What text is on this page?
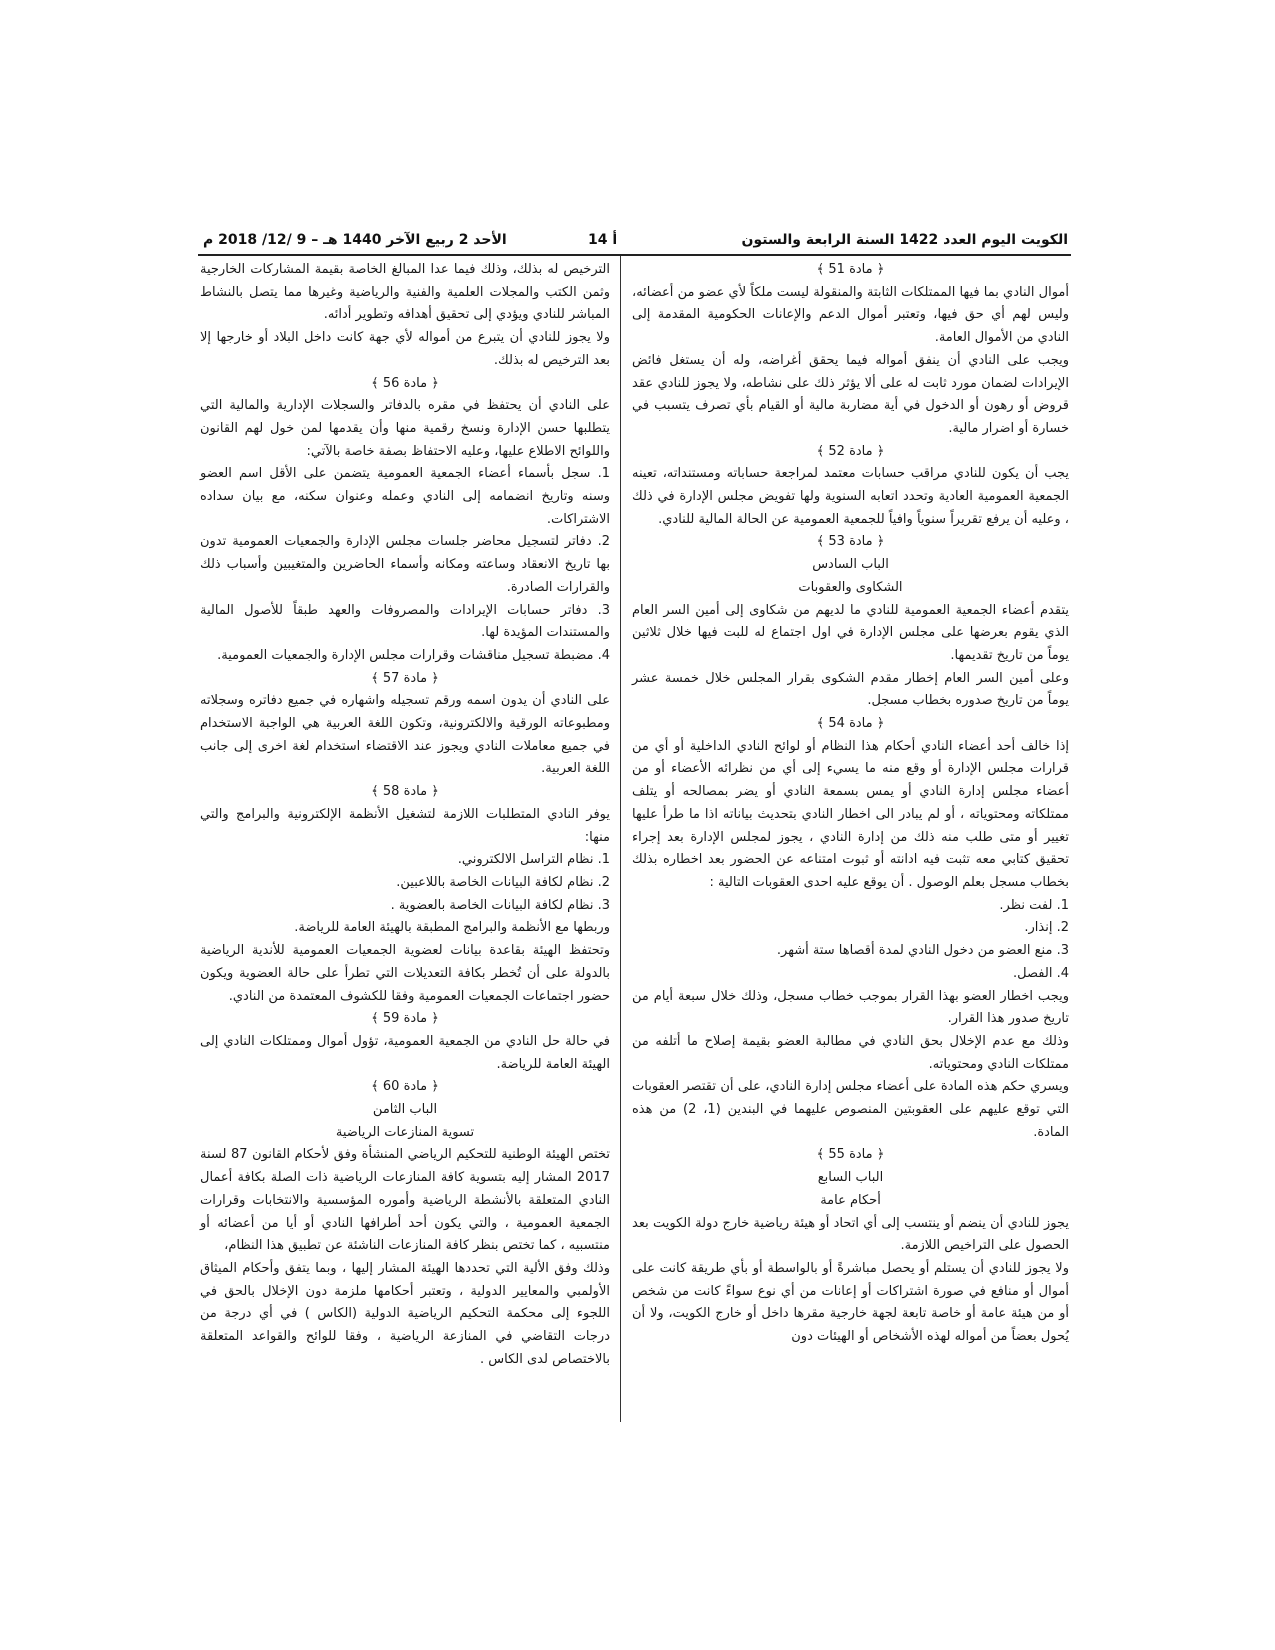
الكويت اليوم العدد 1422 السنة الرابعة والستون
أ 14
الأحد 2 ربيع الآخر 1440 هـ – 9 /12/ 2018 م

﴿ مادة 51 ﴾

أموال النادي بما فيها الممتلكات الثابتة والمنقولة ليست ملكاً لأي عضو من أعضائه، وليس لهم أي حق فيها، وتعتبر أموال الدعم والإعانات الحكومية المقدمة إلى النادي من الأموال العامة.

ويجب على النادي أن ينفق أمواله فيما يحقق أغراضه، وله أن يستغل فائض الإيرادات لضمان مورد ثابت له على ألا يؤثر ذلك على نشاطه، ولا يجوز للنادي عقد قروض أو رهون أو الدخول في أية مضاربة مالية أو القيام بأي تصرف يتسبب في خسارة أو اضرار مالية.

﴿ مادة 52 ﴾

يجب أن يكون للنادي مراقب حسابات معتمد لمراجعة حساباته ومستنداته، تعينه الجمعية العمومية العادية وتحدد اتعابه السنوية ولها تفويض مجلس الإدارة في ذلك ، وعليه أن يرفع تقريراً سنوياً وافياً للجمعية العمومية عن الحالة المالية للنادي.

﴿ مادة 53 ﴾

الباب السادس

الشكاوى والعقوبات

يتقدم أعضاء الجمعية العمومية للنادي ما لديهم من شكاوى إلى أمين السر العام الذي يقوم بعرضها على مجلس الإدارة في اول اجتماع له للبت فيها خلال ثلاثين يوماً من تاريخ تقديمها.

وعلى أمين السر العام إخطار مقدم الشكوى بقرار المجلس خلال خمسة عشر يوماً من تاريخ صدوره بخطاب مسجل.

﴿ مادة 54 ﴾

إذا خالف أحد أعضاء النادي أحكام هذا النظام أو لوائح النادي الداخلية أو أي من قرارات مجلس الإدارة أو وقع منه ما يسيء إلى أي من نظرائه الأعضاء أو من أعضاء مجلس إدارة النادي أو يمس بسمعة النادي أو يضر بمصالحه أو يتلف ممتلكاته ومحتوياته ، أو لم يبادر الى اخطار النادي بتحديث بياناته اذا ما طرأ عليها تغيير أو متى طلب منه ذلك من إدارة النادي ، يجوز لمجلس الإدارة بعد إجراء تحقيق كتابي معه تثبت فيه ادانته أو ثبوت امتناعه عن الحضور بعد اخطاره بذلك بخطاب مسجل بعلم الوصول . أن يوقع عليه احدى العقوبات التالية :

1. لفت نظر.

2. إنذار.

3. منع العضو من دخول النادي لمدة أقصاها ستة أشهر.

4. الفصل.

ويجب اخطار العضو بهذا القرار بموجب خطاب مسجل، وذلك خلال سبعة أيام من تاريخ صدور هذا القرار.

وذلك مع عدم الإخلال بحق النادي في مطالبة العضو بقيمة إصلاح ما أتلفه من ممتلكات النادي ومحتوياته.

ويسري حكم هذه المادة على أعضاء مجلس إدارة النادي، على أن تقتصر العقوبات التي توقع عليهم على العقوبتين المنصوص عليهما في البندين (1، 2) من هذه المادة.

﴿ مادة 55 ﴾

الباب السابع

أحكام عامة

يجوز للنادي أن ينضم أو ينتسب إلى أي اتحاد أو هيئة رياضية خارج دولة الكويت بعد الحصول على التراخيص اللازمة.

ولا يجوز للنادي أن يستلم أو يحصل مباشرةً أو بالواسطة أو بأي طريقة كانت على أموال أو منافع في صورة اشتراكات أو إعانات من أي نوع سواءً كانت من شخص أو من هيئة عامة أو خاصة تابعة لجهة خارجية مقرها داخل أو خارج الكويت، ولا أن يُحول بعضاً من أمواله لهذه الأشخاص أو الهيئات دون

الترخيص له بذلك، وذلك فيما عدا المبالغ الخاصة بقيمة المشاركات الخارجية وثمن الكتب والمجلات العلمية والفنية والرياضية وغيرها مما يتصل بالنشاط المباشر للنادي ويؤدي إلى تحقيق أهدافه وتطوير أدائه.

ولا يجوز للنادي أن يتبرع من أمواله لأي جهة كانت داخل البلاد أو خارجها إلا بعد الترخيص له بذلك.

﴿ مادة 56 ﴾

على النادي أن يحتفظ في مقره بالدفاتر والسجلات الإدارية والمالية التي يتطلبها حسن الإدارة ونسخ رقمية منها وأن يقدمها لمن خول لهم القانون واللوائح الاطلاع عليها، وعليه الاحتفاظ بصفة خاصة بالآتي:

1. سجل بأسماء أعضاء الجمعية العمومية يتضمن على الأقل اسم العضو وسنه وتاريخ انضمامه إلى النادي وعمله وعنوان سكنه، مع بيان سداده الاشتراكات.

2. دفاتر لتسجيل محاضر جلسات مجلس الإدارة والجمعيات العمومية تدون بها تاريخ الانعقاد وساعته ومكانه وأسماء الحاضرين والمتغيبين وأسباب ذلك والقرارات الصادرة.

3. دفاتر حسابات الإيرادات والمصروفات والعهد طبقاً للأصول المالية والمستندات المؤيدة لها.

4. مضبطة تسجيل مناقشات وقرارات مجلس الإدارة والجمعيات العمومية.

﴿ مادة 57 ﴾

على النادي أن يدون اسمه ورقم تسجيله واشهاره في جميع دفاتره وسجلاته ومطبوعاته الورقية والالكترونية، وتكون اللغة العربية هي الواجبة الاستخدام في جميع معاملات النادي ويجوز عند الاقتضاء استخدام لغة اخرى إلى جانب اللغة العربية.

﴿ مادة 58 ﴾

يوفر النادي المتطلبات اللازمة لتشغيل الأنظمة الإلكترونية والبرامج والتي منها:

1. نظام التراسل الالكتروني.

2. نظام لكافة البيانات الخاصة باللاعبين.

3. نظام لكافة البيانات الخاصة بالعضوية .

وربطها مع الأنظمة والبرامج المطبقة بالهيئة العامة للرياضة.

وتحتفظ الهيئة بقاعدة بيانات لعضوية الجمعيات العمومية للأندية الرياضية بالدولة على أن تُخطر بكافة التعديلات التي تطرأ على حالة العضوية ويكون حضور اجتماعات الجمعيات العمومية وفقا للكشوف المعتمدة من النادي.

﴿ مادة 59 ﴾

في حالة حل النادي من الجمعية العمومية، تؤول أموال وممتلكات النادي إلى الهيئة العامة للرياضة.

﴿ مادة 60 ﴾

الباب الثامن

تسوية المنازعات الرياضية

تختص الهيئة الوطنية للتحكيم الرياضي المنشأة وفق لأحكام القانون 87 لسنة 2017 المشار إليه بتسوية كافة المنازعات الرياضية ذات الصلة بكافة أعمال النادي المتعلقة بالأنشطة الرياضية وأموره المؤسسية والانتخابات وقرارات الجمعية العمومية ، والتي يكون أحد أطرافها النادي أو أيا من أعضائه أو منتسبيه ، كما تختص بنظر كافة المنازعات الناشئة عن تطبيق هذا النظام،

وذلك وفق الألية التي تحددها الهيئة المشار إليها ، وبما يتفق وأحكام الميثاق الأولمبي والمعايير الدولية ، وتعتبر أحكامها ملزمة دون الإخلال بالحق في اللجوء إلى محكمة التحكيم الرياضية الدولية (الكاس ) في أي درجة من درجات التقاضي في المنازعة الرياضية ، وفقا للوائح والقواعد المتعلقة بالاختصاص لدى الكاس .
